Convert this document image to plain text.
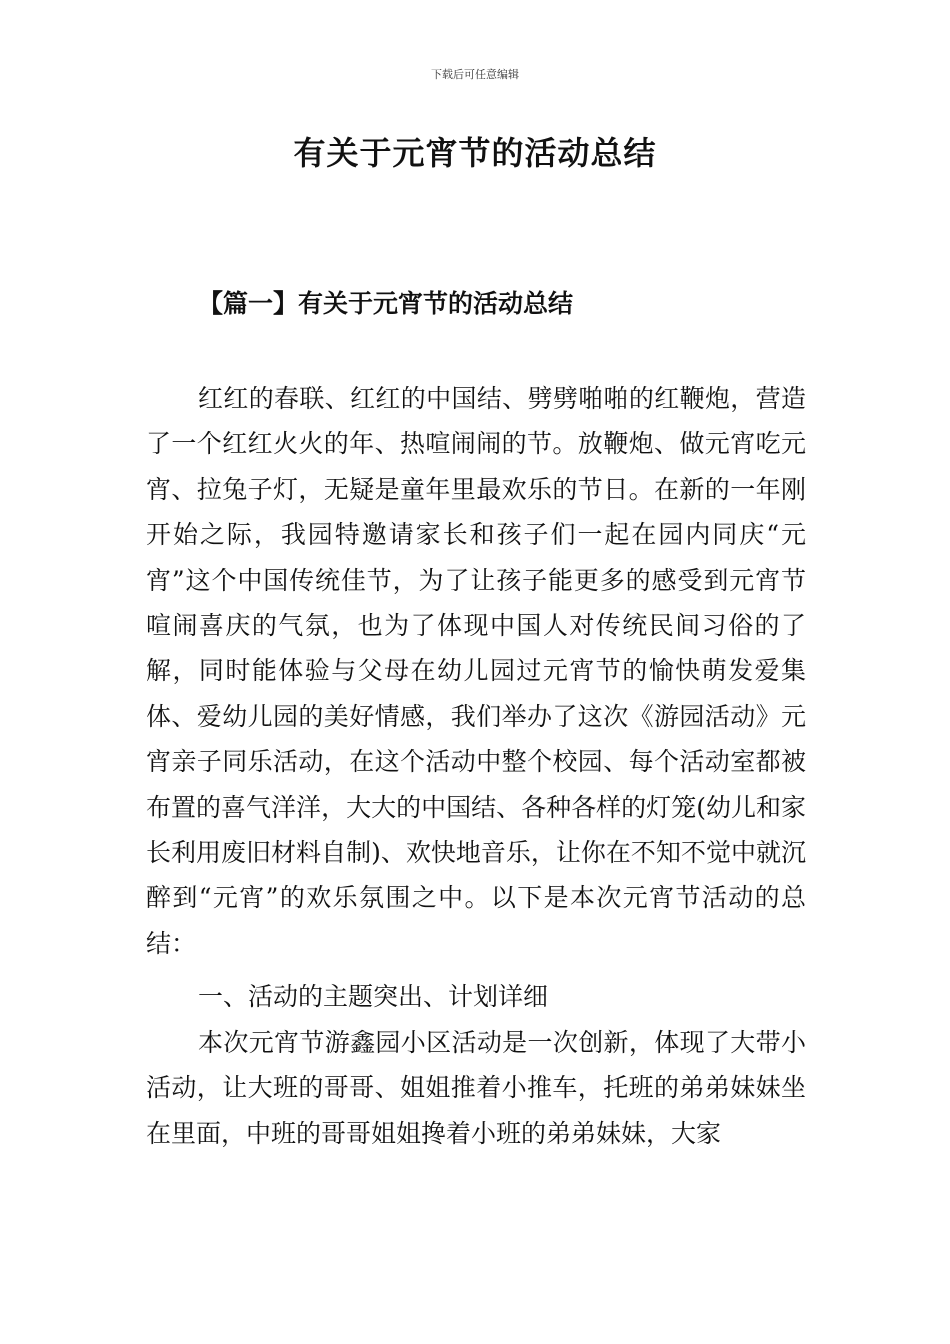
下载后可任意编辑
有关于元宵节的活动总结
【篇一】有关于元宵节的活动总结

红红的春联、红红的中国结、劈劈啪啪的红鞭炮，营造了一个红红火火的年、热喧闹闹的节。放鞭炮、做元宵吃元宵、拉兔子灯，无疑是童年里最欢乐的节日。在新的一年刚开始之际，我园特邀请家长和孩子们一起在园内同庆“元宵”这个中国传统佳节，为了让孩子能更多的感受到元宵节喧闹喜庆的气氛，也为了体现中国人对传统民间习俗的了解，同时能体验与父母在幼儿园过元宵节的愉快萌发爱集体、爱幼儿园的美好情感，我们举办了这次《游园活动》元宵亲子同乐活动，在这个活动中整个校园、每个活动室都被布置的喜气洋洋，大大的中国结、各种各样的灯笼(幼儿和家长利用废旧材料自制)、欢快地音乐，让你在不知不觉中就沉醉到“元宵”的欢乐氛围之中。以下是本次元宵节活动的总结：

一、活动的主题突出、计划详细

本次元宵节游鑫园小区活动是一次创新，体现了大带小活动，让大班的哥哥、姐姐推着小推车，托班的弟弟妹妹坐在里面，中班的哥哥姐姐搀着小班的弟弟妹妹，大家
